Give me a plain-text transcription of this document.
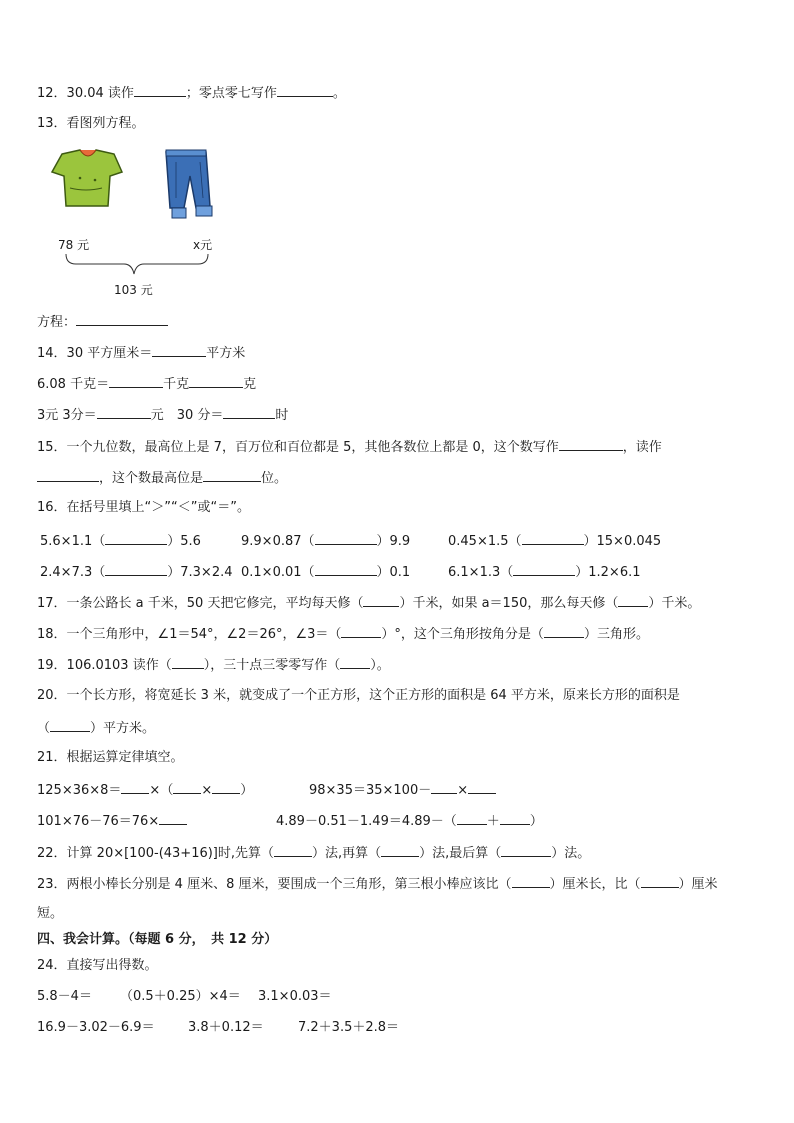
12．30.04 读作	；零点零七写作	。
13．看图列方程。
78 元	x元
103 元
方程：
14．30 平方厘米＝	平方米
6.08 千克＝	千克	克
3元 3分＝	元　30 分＝	时
15．一个九位数，最高位上是 7，百万位和百位都是 5，其他各数位上都是 0，这个数写作	，读作
，这个数最高位是	位。
16．在括号里填上“＞”“＜”或“＝”。
5.6×1.1（	）5.6	9.9×0.87（	）9.9	0.45×1.5（	）15×0.045
2.4×7.3（	）7.3×2.4 0.1×0.01（	）0.1	6.1×1.3（	）1.2×6.1
17．一条公路长 a 千米，50 天把它修完，平均每天修（	）千米，如果 a＝150，那么每天修（ ）千米。
18．一个三角形中，∠1＝54°，∠2＝26°，∠3＝（	）°，这个三角形按角分是（	）三角形。
19．106.0103 读作（ ），三十点三零零写作（ ）。
20．一个长方形，将宽延长 3 米，就变成了一个正方形，这个正方形的面积是 64 平方米，原来长方形的面积是
（	）平方米。
21．根据运算定律填空。
125×36×8＝ ×（ × ）	98×35＝35×100－ ×
101×76－76＝76×	4.89－0.51－1.49＝4.89－（ ＋ ）
22．计算 20×[100-(43+16)]时,先算（	）法,再算（	）法,最后算（	）法。
23．两根小棒长分别是 4 厘米、8 厘米，要围成一个三角形，第三根小棒应该比（	）厘米长，比（	）厘米
短。
四、我会计算。（每题 6 分，　共 12 分）
24．直接写出得数。
5.8－4＝ （0.5＋0.25）×4＝ 3.1×0.03＝
16.9－3.02－6.9＝	3.8＋0.12＝	7.2＋3.5＋2.8＝
